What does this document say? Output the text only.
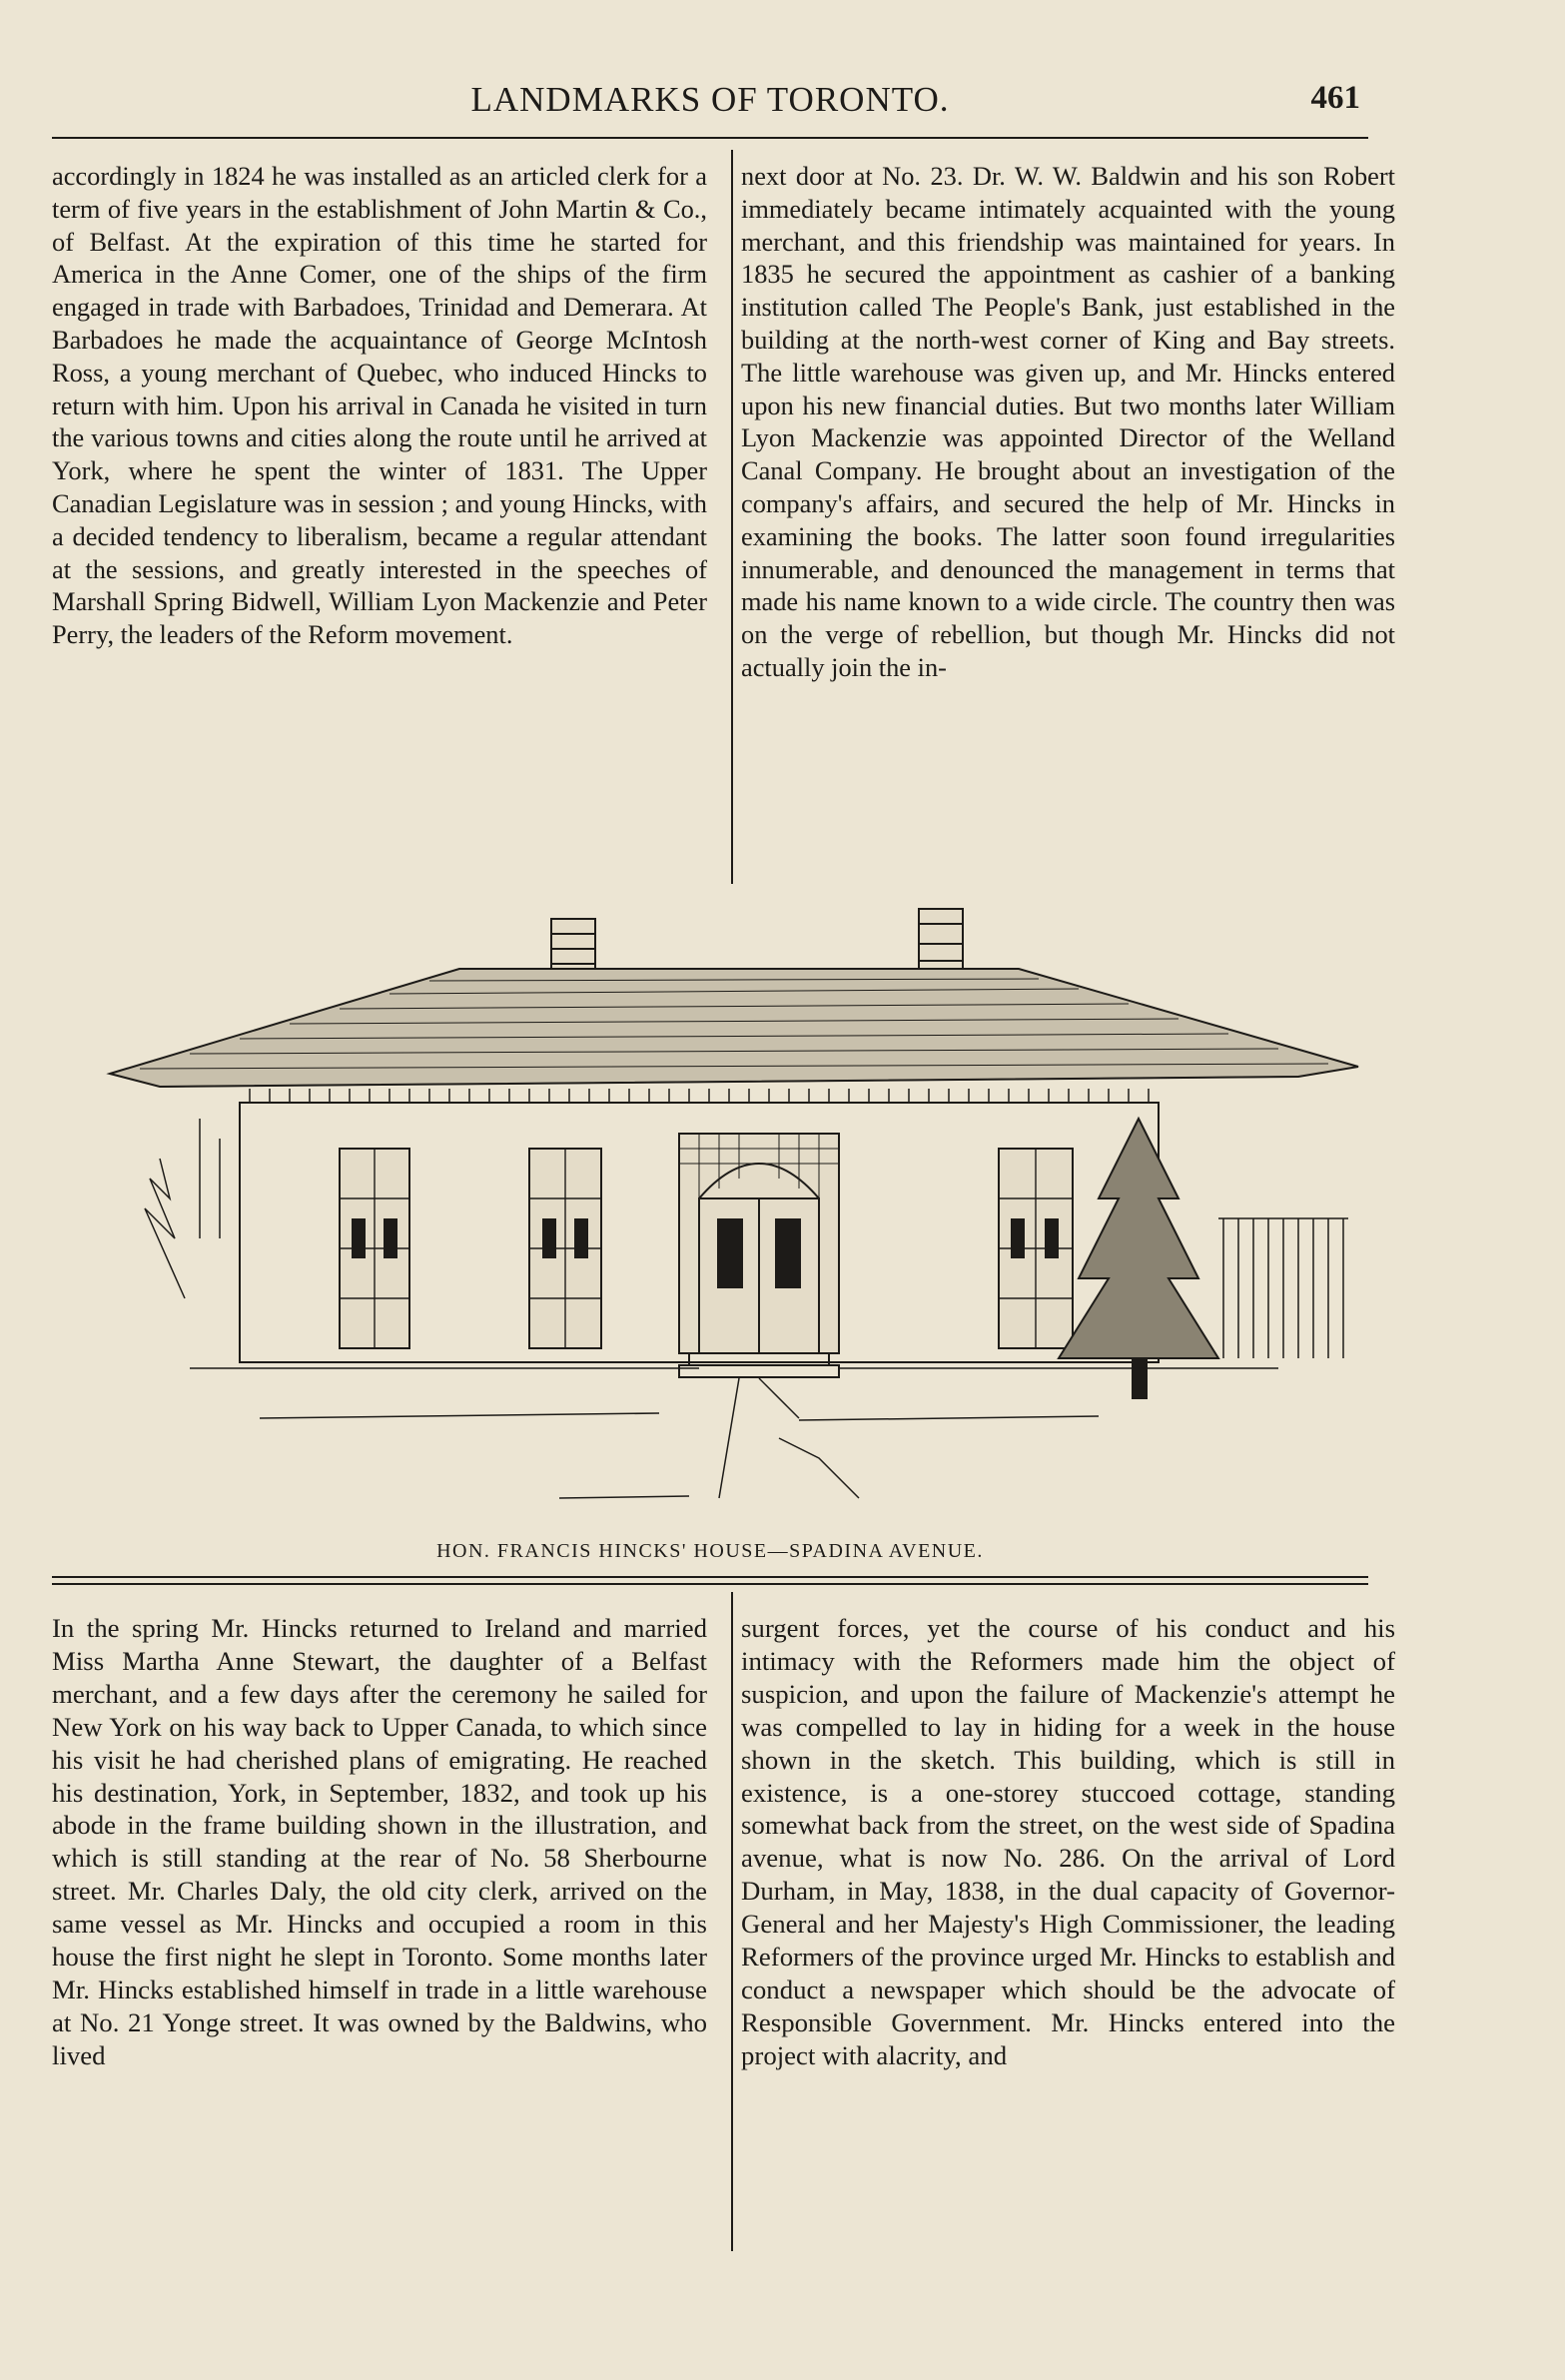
LANDMARKS OF TORONTO.	461

accordingly in 1824 he was installed as an articled clerk for a term of five years in the establishment of John Martin & Co., of Belfast. At the expiration of this time he started for America in the Anne Comer, one of the ships of the firm engaged in trade with Barbadoes, Trinidad and Demerara. At Barbadoes he made the acquaintance of George McIntosh Ross, a young merchant of Quebec, who induced Hincks to return with him. Upon his arrival in Canada he visited in turn the various towns and cities along the route until he arrived at York, where he spent the winter of 1831. The Upper Canadian Legislature was in session ; and young Hincks, with a decided tendency to liberalism, became a regular attendant at the sessions, and greatly interested in the speeches of Marshall Spring Bidwell, William Lyon Mackenzie and Peter Perry, the leaders of the Reform movement.

next door at No. 23. Dr. W. W. Baldwin and his son Robert immediately became intimately acquainted with the young merchant, and this friendship was maintained for years. In 1835 he secured the appointment as cashier of a banking institution called The People's Bank, just established in the building at the north-west corner of King and Bay streets. The little warehouse was given up, and Mr. Hincks entered upon his new financial duties. But two months later William Lyon Mackenzie was appointed Director of the Welland Canal Company. He brought about an investigation of the company's affairs, and secured the help of Mr. Hincks in examining the books. The latter soon found irregularities innumerable, and denounced the management in terms that made his name known to a wide circle. The country then was on the verge of rebellion, but though Mr. Hincks did not actually join the in-

HON. FRANCIS HINCKS' HOUSE—SPADINA AVENUE.

In the spring Mr. Hincks returned to Ireland and married Miss Martha Anne Stewart, the daughter of a Belfast merchant, and a few days after the ceremony he sailed for New York on his way back to Upper Canada, to which since his visit he had cherished plans of emigrating. He reached his destination, York, in September, 1832, and took up his abode in the frame building shown in the illustration, and which is still standing at the rear of No. 58 Sherbourne street. Mr. Charles Daly, the old city clerk, arrived on the same vessel as Mr. Hincks and occupied a room in this house the first night he slept in Toronto. Some months later Mr. Hincks established himself in trade in a little warehouse at No. 21 Yonge street. It was owned by the Baldwins, who lived

surgent forces, yet the course of his conduct and his intimacy with the Reformers made him the object of suspicion, and upon the failure of Mackenzie's attempt he was compelled to lay in hiding for a week in the house shown in the sketch. This building, which is still in existence, is a one-storey stuccoed cottage, standing somewhat back from the street, on the west side of Spadina avenue, what is now No. 286. On the arrival of Lord Durham, in May, 1838, in the dual capacity of Governor-General and her Majesty's High Commissioner, the leading Reformers of the province urged Mr. Hincks to establish and conduct a newspaper which should be the advocate of Responsible Government. Mr. Hincks entered into the project with alacrity, and
